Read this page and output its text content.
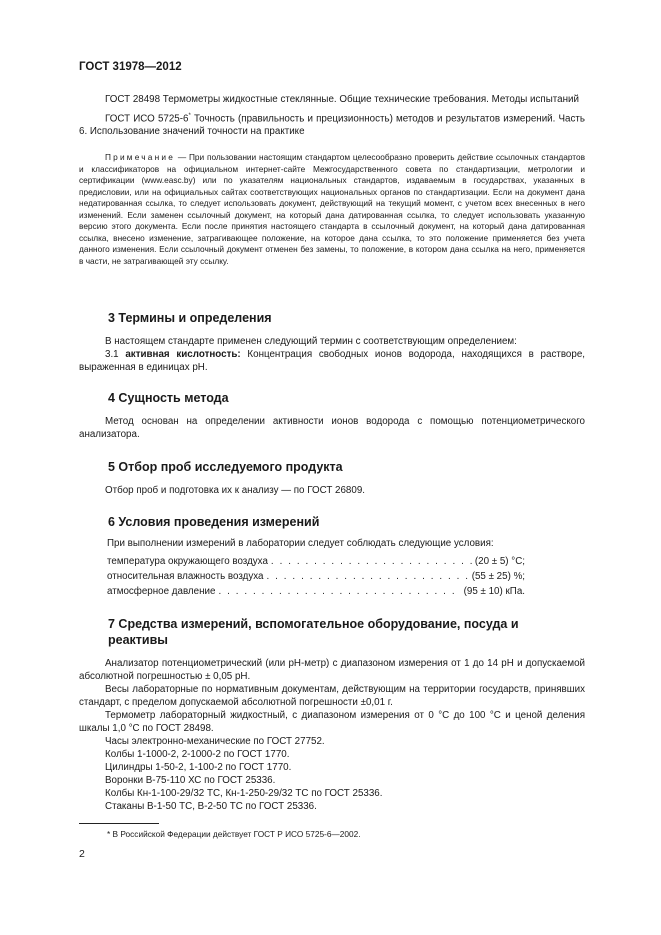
ГОСТ 31978—2012

ГОСТ 28498 Термометры жидкостные стеклянные. Общие технические требования. Методы испытаний

ГОСТ ИСО 5725-6* Точность (правильность и прецизионность) методов и результатов измерений. Часть 6. Использование значений точности на практике

Примечание — При пользовании настоящим стандартом целесообразно проверить действие ссылочных стандартов и классификаторов на официальном интернет-сайте Межгосударственного совета по стандартизации, метрологии и сертификации (www.easc.by) или по указателям национальных стандартов, издаваемым в государствах, указанных в предисловии, или на официальных сайтах соответствующих национальных органов по стандартизации. Если на документ дана недатированная ссылка, то следует использовать документ, действующий на текущий момент, с учетом всех внесенных в него изменений. Если заменен ссылочный документ, на который дана датированная ссылка, то следует использовать указанную версию этого документа. Если после принятия настоящего стандарта в ссылочный документ, на который дана датированная ссылка, внесено изменение, затрагивающее положение, на которое дана ссылка, то это положение применяется без учета данного изменения. Если ссылочный документ отменен без замены, то положение, в котором дана ссылка на него, применяется в части, не затрагивающей эту ссылку.

3 Термины и определения

В настоящем стандарте применен следующий термин с соответствующим определением:

3.1 активная кислотность: Концентрация свободных ионов водорода, находящихся в растворе, выраженная в единицах pH.

4 Сущность метода

Метод основан на определении активности ионов водорода с помощью потенциометрического анализатора.

5 Отбор проб исследуемого продукта

Отбор проб и подготовка их к анализу — по ГОСТ 26809.

6 Условия проведения измерений
При выполнении измерений в лаборатории следует соблюдать следующие условия:
температура окружающего воздуха . . .	(20 ± 5) °С;
относительная влажность воздуха . . .	(55 ± 25) %;
атмосферное давление . . .	(95 ± 10) кПа.
7 Средства измерений, вспомогательное оборудование, посуда и реактивы

Анализатор потенциометрический (или pH-метр) с диапазоном измерения от 1 до 14 pH и допускаемой абсолютной погрешностью ± 0,05 pH.

Весы лабораторные по нормативным документам, действующим на территории государств, принявших стандарт, с пределом допускаемой абсолютной погрешности ±0,01 г.

Термометр лабораторный жидкостный, с диапазоном измерения от 0 °С до 100 °С и ценой деления шкалы 1,0 °С по ГОСТ 28498.

Часы электронно-механические по ГОСТ 27752.

Колбы 1-1000-2, 2-1000-2 по ГОСТ 1770.

Цилиндры 1-50-2, 1-100-2 по ГОСТ 1770.

Воронки В-75-110 ХС по ГОСТ 25336.

Колбы Кн-1-100-29/32 ТС, Кн-1-250-29/32 ТС по ГОСТ 25336.

Стаканы В-1-50 ТС, В-2-50 ТС по ГОСТ 25336.

* В Российской Федерации действует ГОСТ Р ИСО 5725-6—2002.
2
